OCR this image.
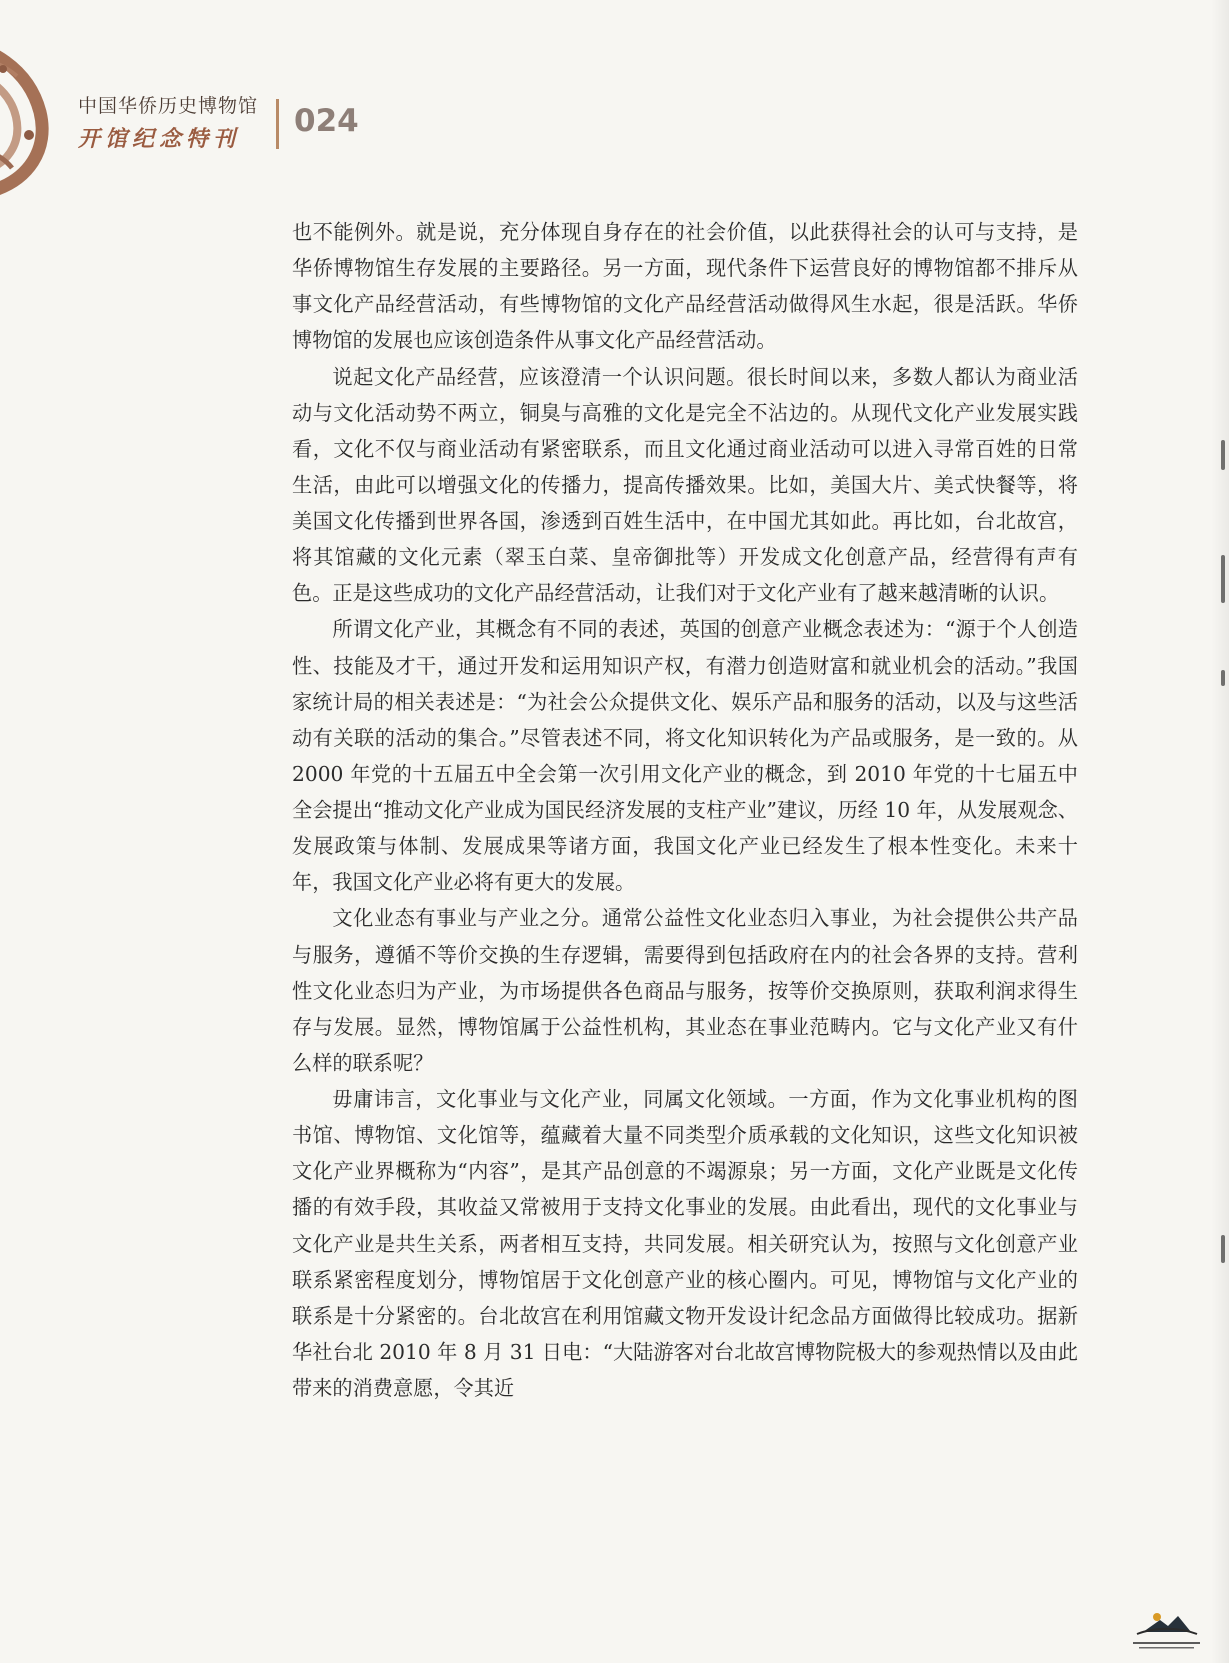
中国华侨历史博物馆
开馆纪念特刊	024

也不能例外。就是说，充分体现自身存在的社会价值，以此获得社会的认可与支持，是华侨博物馆生存发展的主要路径。另一方面，现代条件下运营良好的博物馆都不排斥从事文化产品经营活动，有些博物馆的文化产品经营活动做得风生水起，很是活跃。华侨博物馆的发展也应该创造条件从事文化产品经营活动。

说起文化产品经营，应该澄清一个认识问题。很长时间以来，多数人都认为商业活动与文化活动势不两立，铜臭与高雅的文化是完全不沾边的。从现代文化产业发展实践看，文化不仅与商业活动有紧密联系，而且文化通过商业活动可以进入寻常百姓的日常生活，由此可以增强文化的传播力，提高传播效果。比如，美国大片、美式快餐等，将美国文化传播到世界各国，渗透到百姓生活中，在中国尤其如此。再比如，台北故宫，将其馆藏的文化元素（翠玉白菜、皇帝御批等）开发成文化创意产品，经营得有声有色。正是这些成功的文化产品经营活动，让我们对于文化产业有了越来越清晰的认识。

所谓文化产业，其概念有不同的表述，英国的创意产业概念表述为：“源于个人创造性、技能及才干，通过开发和运用知识产权，有潜力创造财富和就业机会的活动。”我国家统计局的相关表述是：“为社会公众提供文化、娱乐产品和服务的活动，以及与这些活动有关联的活动的集合。”尽管表述不同，将文化知识转化为产品或服务，是一致的。从 2000 年党的十五届五中全会第一次引用文化产业的概念，到 2010 年党的十七届五中全会提出“推动文化产业成为国民经济发展的支柱产业”建议，历经 10 年，从发展观念、发展政策与体制、发展成果等诸方面，我国文化产业已经发生了根本性变化。未来十年，我国文化产业必将有更大的发展。

文化业态有事业与产业之分。通常公益性文化业态归入事业，为社会提供公共产品与服务，遵循不等价交换的生存逻辑，需要得到包括政府在内的社会各界的支持。营利性文化业态归为产业，为市场提供各色商品与服务，按等价交换原则，获取利润求得生存与发展。显然，博物馆属于公益性机构，其业态在事业范畴内。它与文化产业又有什么样的联系呢？

毋庸讳言，文化事业与文化产业，同属文化领域。一方面，作为文化事业机构的图书馆、博物馆、文化馆等，蕴藏着大量不同类型介质承载的文化知识，这些文化知识被文化产业界概称为“内容”，是其产品创意的不竭源泉；另一方面，文化产业既是文化传播的有效手段，其收益又常被用于支持文化事业的发展。由此看出，现代的文化事业与文化产业是共生关系，两者相互支持，共同发展。相关研究认为，按照与文化创意产业联系紧密程度划分，博物馆居于文化创意产业的核心圈内。可见，博物馆与文化产业的联系是十分紧密的。台北故宫在利用馆藏文物开发设计纪念品方面做得比较成功。据新华社台北 2010 年 8 月 31 日电：“大陆游客对台北故宫博物院极大的参观热情以及由此带来的消费意愿，令其近
